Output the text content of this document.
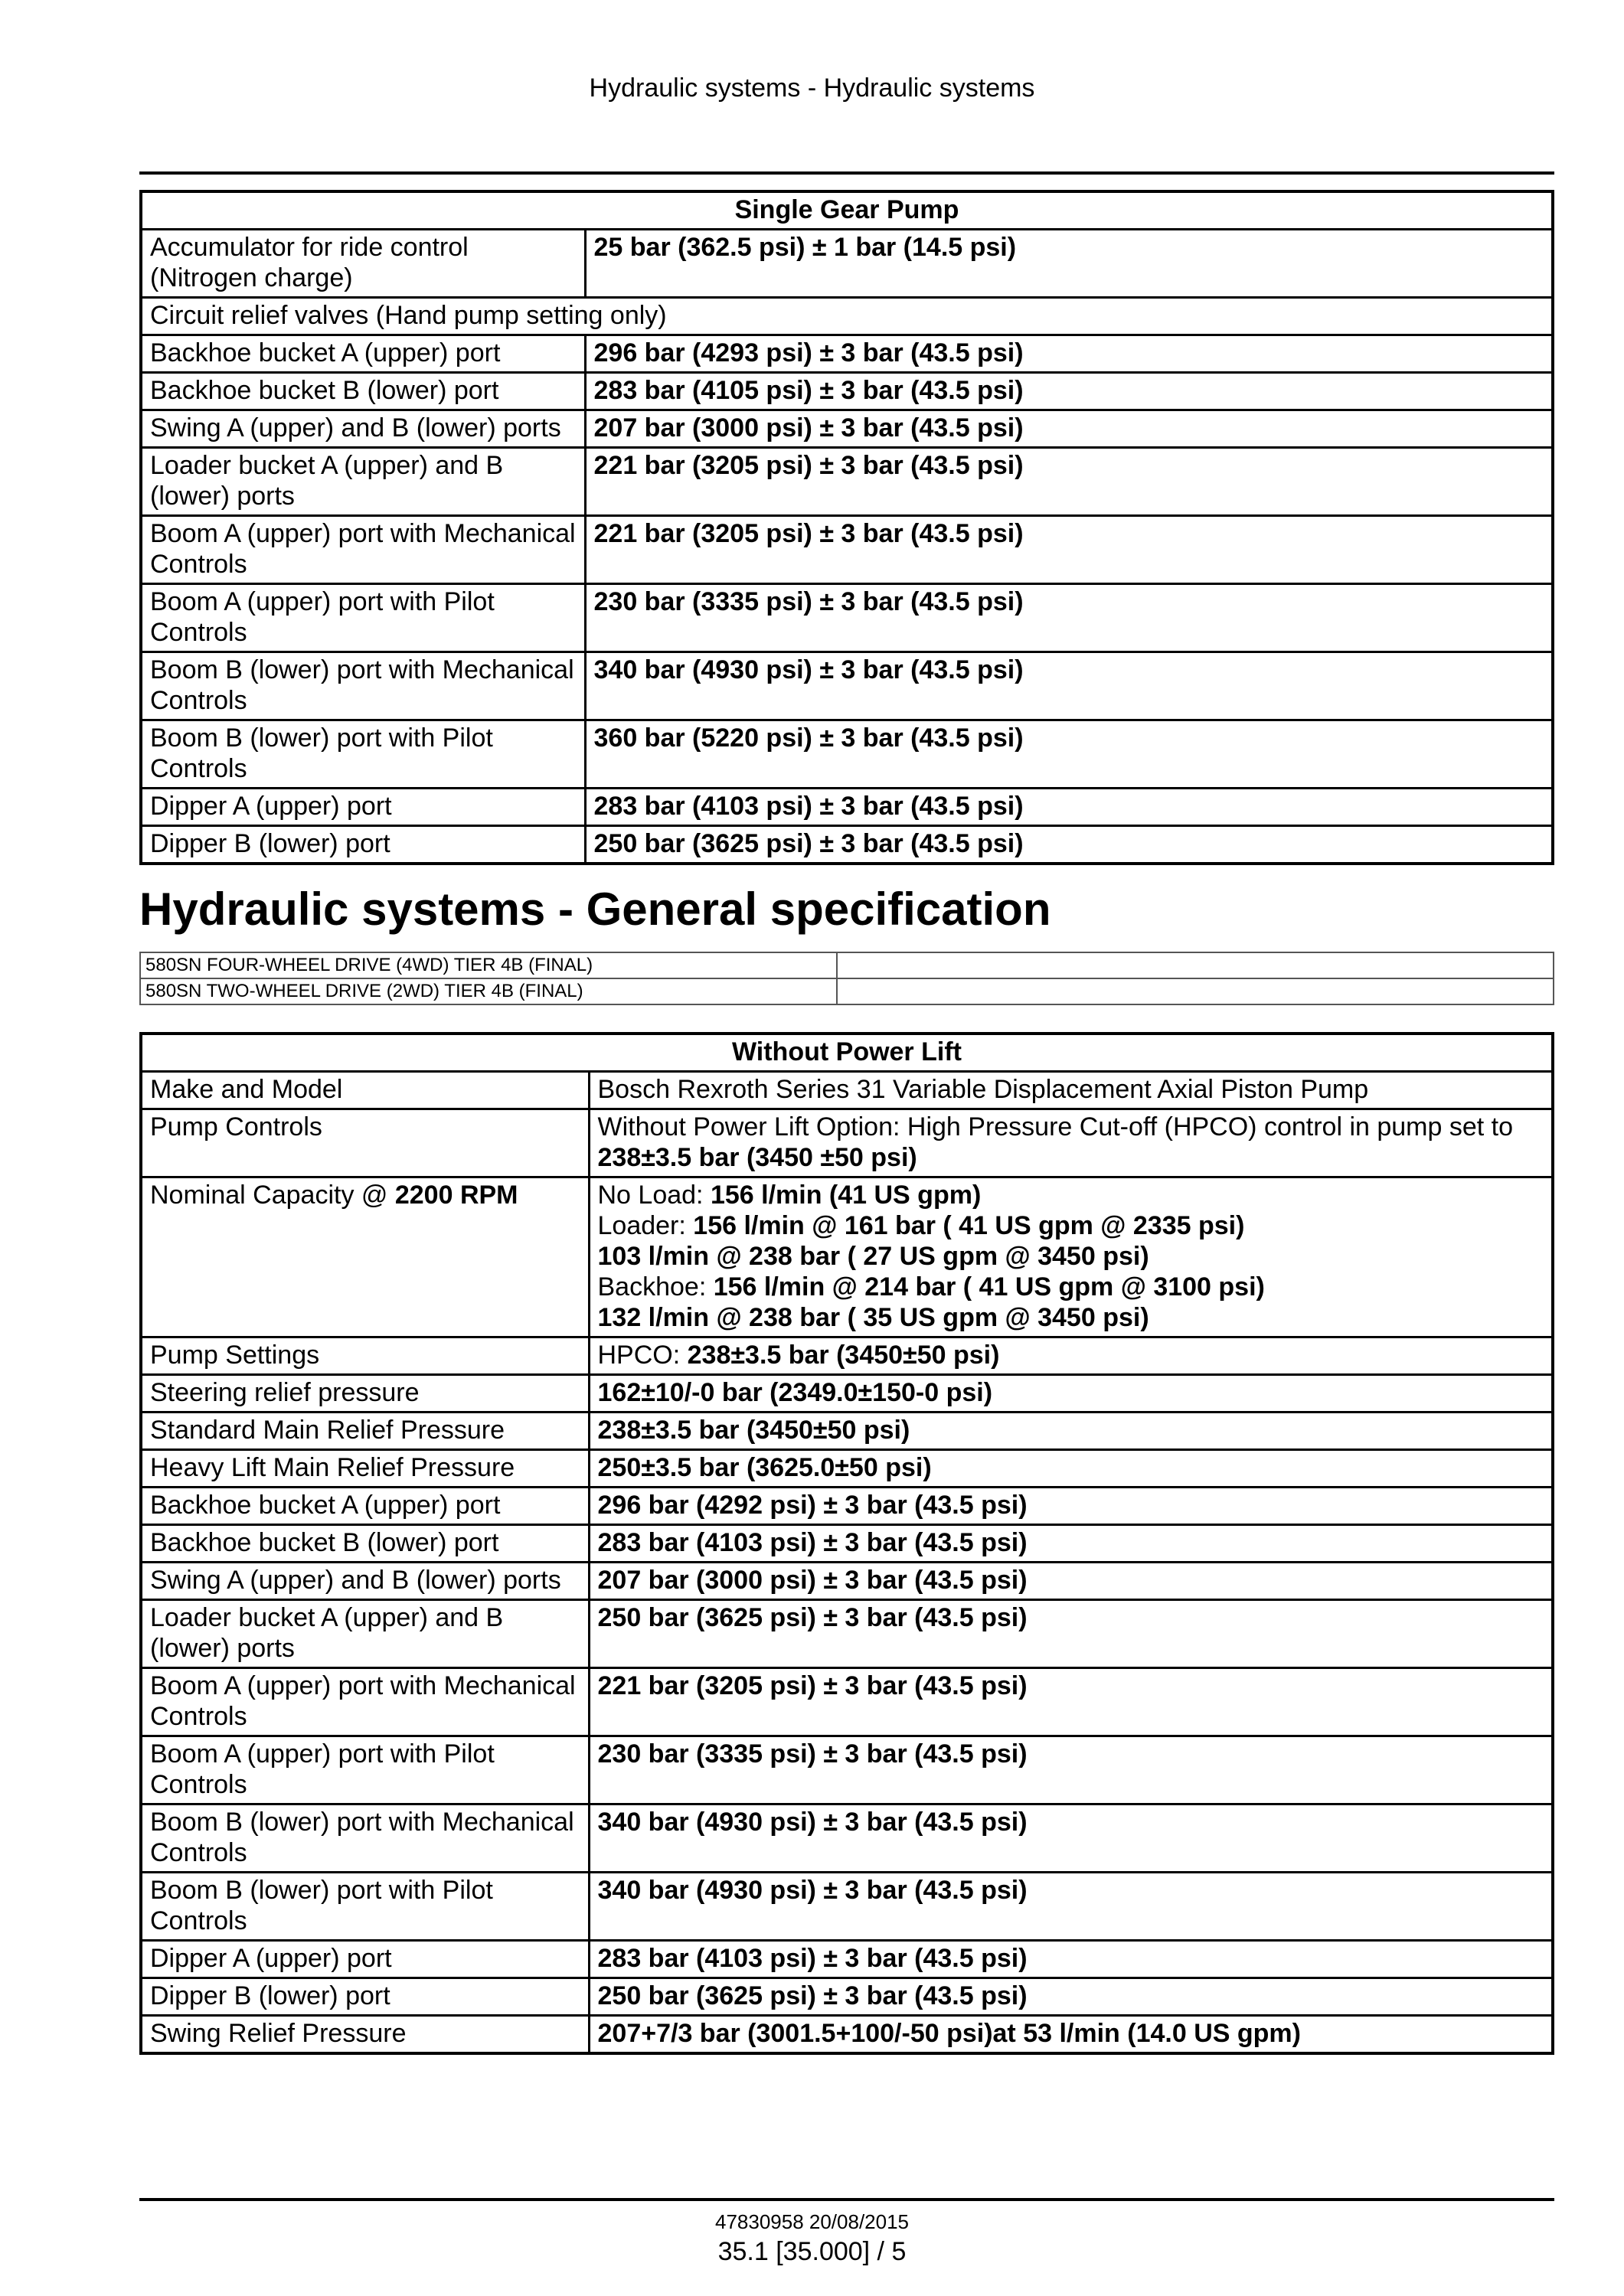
Hydraulic systems - Hydraulic systems
Single Gear Pump	
Accumulator for ride control (Nitrogen charge)	25 bar (362.5 psi) ± 1 bar (14.5 psi)
Circuit relief valves (Hand pump setting only)	
Backhoe bucket A (upper) port	296 bar (4293 psi) ± 3 bar (43.5 psi)
Backhoe bucket B (lower) port	283 bar (4105 psi) ± 3 bar (43.5 psi)
Swing A (upper) and B (lower) ports	207 bar (3000 psi) ± 3 bar (43.5 psi)
Loader bucket A (upper) and B (lower) ports	221 bar (3205 psi) ± 3 bar (43.5 psi)
Boom A (upper) port with Mechanical Controls	221 bar (3205 psi) ± 3 bar (43.5 psi)
Boom A (upper) port with Pilot Controls	230 bar (3335 psi) ± 3 bar (43.5 psi)
Boom B (lower) port with Mechanical Controls	340 bar (4930 psi) ± 3 bar (43.5 psi)
Boom B (lower) port with Pilot Controls	360 bar (5220 psi) ± 3 bar (43.5 psi)
Dipper A (upper) port	283 bar (4103 psi) ± 3 bar (43.5 psi)
Dipper B (lower) port	250 bar (3625 psi) ± 3 bar (43.5 psi)
Hydraulic systems - General specification
580SN FOUR-WHEEL DRIVE (4WD) TIER 4B (FINAL)	
580SN TWO-WHEEL DRIVE (2WD) TIER 4B (FINAL)	
Without Power Lift	
Make and Model	Bosch Rexroth Series 31 Variable Displacement Axial Piston Pump
Pump Controls	Without Power Lift Option: High Pressure Cut-off (HPCO) control in pump set to 238±3.5 bar (3450 ±50 psi)
Nominal Capacity @ 2200 RPM	No Load: 156 l/min (41 US gpm)
Loader: 156 l/min @ 161 bar ( 41 US gpm @ 2335 psi)
103 l/min @ 238 bar ( 27 US gpm @ 3450 psi)
Backhoe: 156 l/min @ 214 bar ( 41 US gpm @ 3100 psi)
132 l/min @ 238 bar ( 35 US gpm @ 3450 psi)

Pump Settings	HPCO: 238±3.5 bar (3450±50 psi)
Steering relief pressure	162±10/-0 bar (2349.0±150-0 psi)
Standard Main Relief Pressure	238±3.5 bar (3450±50 psi)
Heavy Lift Main Relief Pressure	250±3.5 bar (3625.0±50 psi)
Backhoe bucket A (upper) port	296 bar (4292 psi) ± 3 bar (43.5 psi)
Backhoe bucket B (lower) port	283 bar (4103 psi) ± 3 bar (43.5 psi)
Swing A (upper) and B (lower) ports	207 bar (3000 psi) ± 3 bar (43.5 psi)
Loader bucket A (upper) and B (lower) ports	250 bar (3625 psi) ± 3 bar (43.5 psi)
Boom A (upper) port with Mechanical Controls	221 bar (3205 psi) ± 3 bar (43.5 psi)
Boom A (upper) port with Pilot Controls	230 bar (3335 psi) ± 3 bar (43.5 psi)
Boom B (lower) port with Mechanical Controls	340 bar (4930 psi) ± 3 bar (43.5 psi)
Boom B (lower) port with Pilot Controls	340 bar (4930 psi) ± 3 bar (43.5 psi)
Dipper A (upper) port	283 bar (4103 psi) ± 3 bar (43.5 psi)
Dipper B (lower) port	250 bar (3625 psi) ± 3 bar (43.5 psi)
Swing Relief Pressure	207+7/3 bar (3001.5+100/-50 psi)at 53 l/min (14.0 US gpm)
47830958 20/08/2015
35.1 [35.000] / 5
